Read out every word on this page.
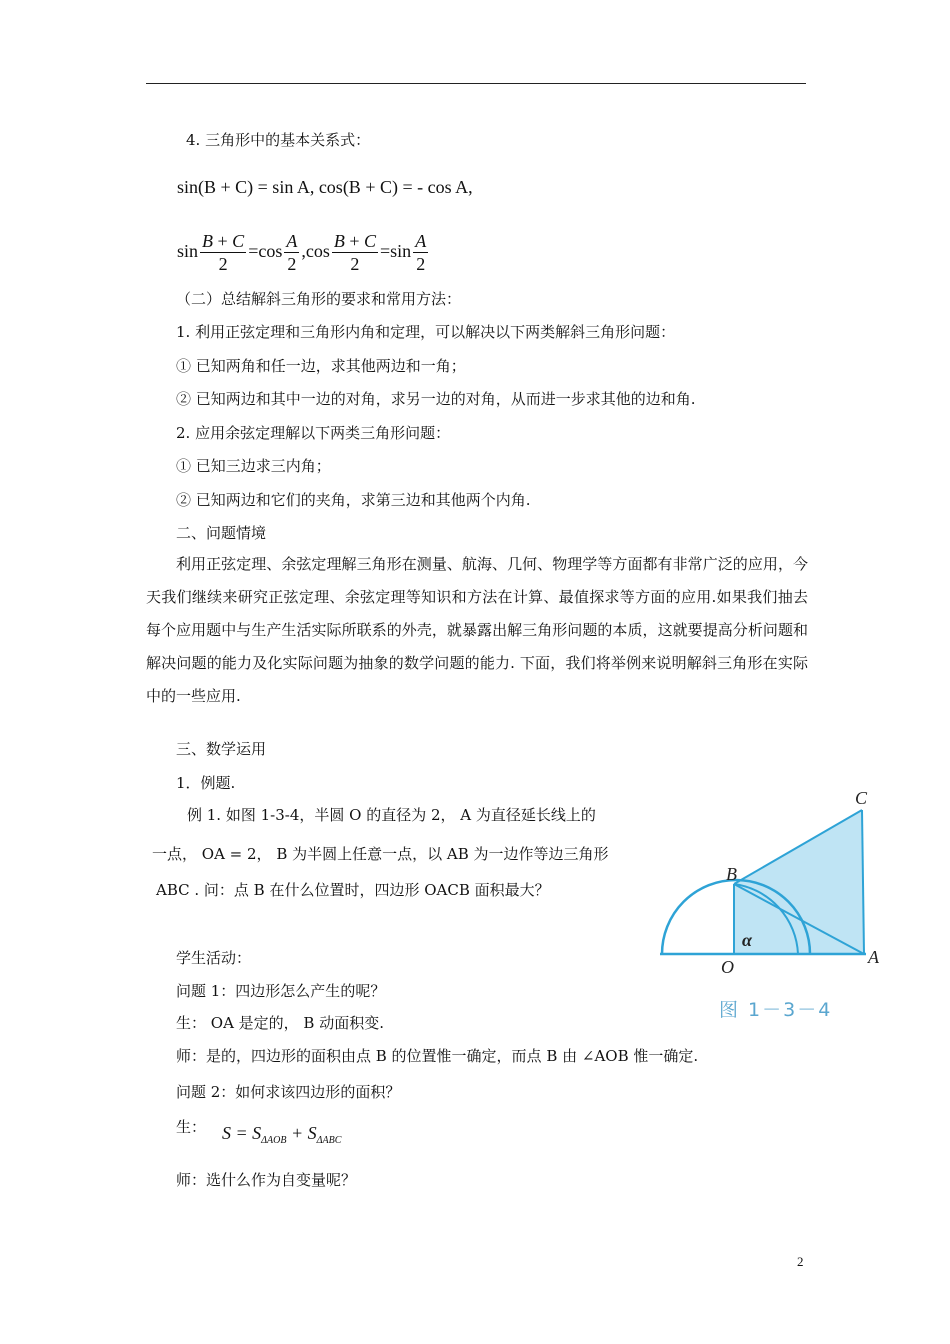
4. 三角形中的基本关系式：
sin(B + C) = sin A, cos(B + C) = - cos A,
$\sin \frac{B + C}{2} =\cos \frac{A}{2} ,\cos \frac{B + C}{2} =\sin \frac{A}{2}$
（二）总结解斜三角形的要求和常用方法：
1. 利用正弦定理和三角形内角和定理，可以解决以下两类解斜三角形问题：
① 已知两角和任一边，求其他两边和一角；
② 已知两边和其中一边的对角，求另一边的对角，从而进一步求其他的边和角.
2. 应用余弦定理解以下两类三角形问题：
① 已知三边求三内角；
② 已知两边和它们的夹角，求第三边和其他两个内角.
二、问题情境
利用正弦定理、余弦定理解三角形在测量、航海、几何、物理学等方面都有非常广泛的应用，今天我们继续来研究正弦定理、余弦定理等知识和方法在计算、最值探求等方面的应用.如果我们抽去每个应用题中与生产生活实际所联系的外壳，就暴露出解三角形问题的本质，这就要提高分析问题和解决问题的能力及化实际问题为抽象的数学问题的能力. 下面，我们将举例来说明解斜三角形在实际中的一些应用.
三、数学运用
1．例题.
例 1. 如图 1-3-4，半圆 O 的直径为 2， A 为直径延长线上的
一点， OA = 2， B 为半圆上任意一点，以 AB 为一边作等边三角形
ABC . 问：点 B 在什么位置时，四边形 OACB 面积最大？
C
B
O	A
α
图 1－3－4
学生活动：
问题 1：四边形怎么产生的呢？
生： OA 是定的， B 动面积变.
师：是的，四边形的面积由点 B 的位置惟一确定，而点 B 由 ∠AOB 惟一确定.
问题 2：如何求该四边形的面积？
生： $S = S_{\Delta AOB} + S_{\Delta ABC}$
师：选什么作为自变量呢？
2
